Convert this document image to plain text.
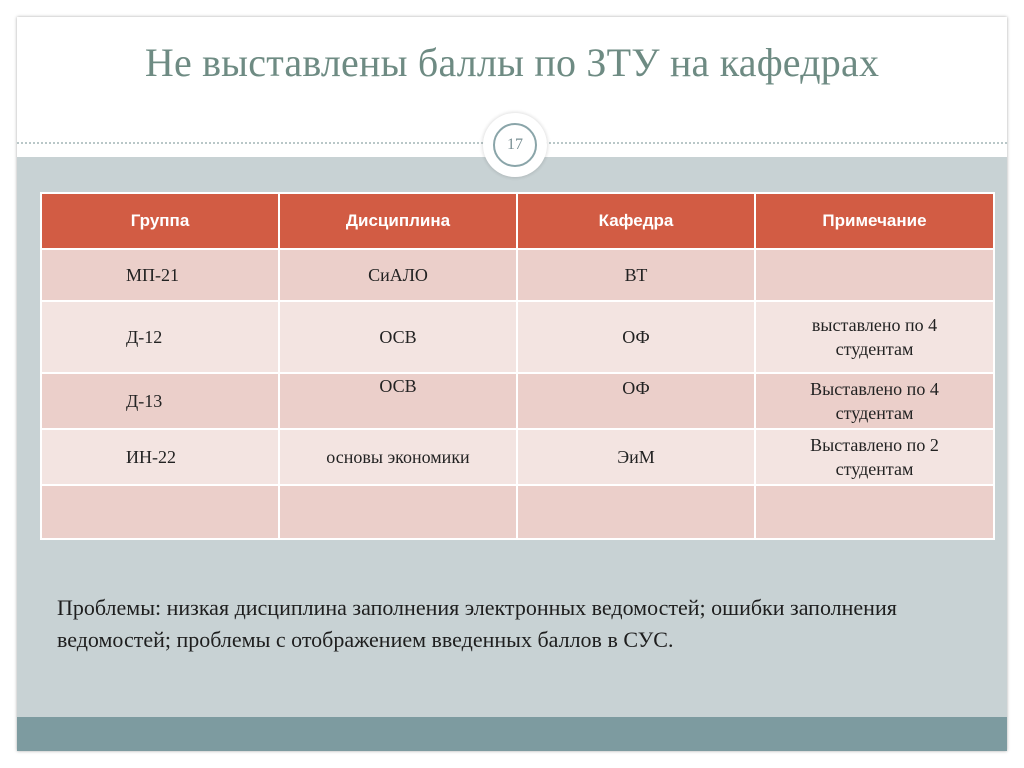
Не выставлены баллы по ЗТУ на кафедрах
17
Группа	Дисциплина	Кафедра	Примечание
МП-21	СиАЛО	ВТ	

Д-12	ОСВ	ОФ	выставлено по 4
студентам

Д-13	ОСВ	ОФ	Выставлено по 4
студентам

ИН-22	основы экономики	ЭиМ	Выставлено по 2
студентам

Проблемы: низкая дисциплина заполнения электронных ведомостей; ошибки заполнения ведомостей; проблемы с отображением введенных баллов в СУС.
